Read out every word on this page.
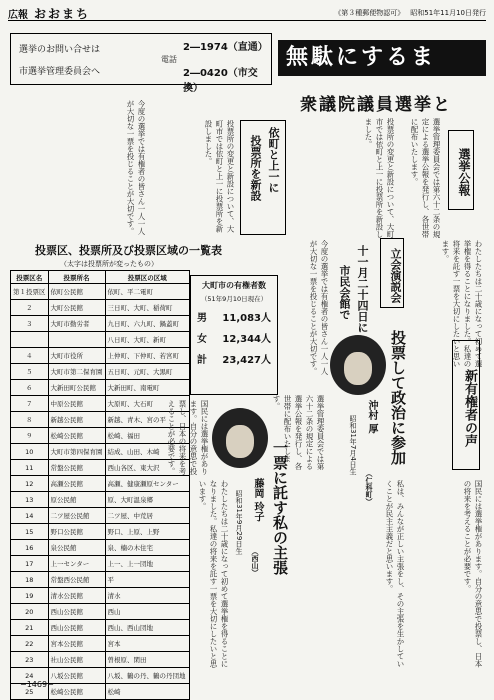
広報 おおまち	《第３種郵便物認可》 昭和51年11月10日発行
選挙のお問い合せは
市選挙管理委員会へ
電話
2―1974（直通）
2―0420（市交換）
無駄にするま
衆議院議員選挙と
選挙公報
選挙管理委員会では第六十二条の規定による選挙公報を発行し、各世帯に配布いたします。
投票所の変更と新設について、大町市では依町と上一に投票所を新設しました。
わたしたちは二十歳になって初めて選挙権を得ることになりました。私達の将来を託す一票を大切にしたいと思います。
立会演説会
十一月二十四日に
市民会館で
今度の選挙では有権者の皆さん一人一人が大切な一票を投じることが大切です。
依町と上一に
投票所を新設
投票所の変更と新設について、大町市では依町と上一に投票所を新設しました。
今度の選挙では有権者の皆さん一人一人が大切な一票を投じることが大切です。
投票区、投票所及び投票区域の一覧表
（太字は投票所が変ったもの）
投票区名	投票所名	投票区の区域
第１投票区	依町公民館	依町、平二電町
２	大町公民館	三日町、大町、稲荷町
３	大町市勤労者	九日町、六九町、鍋蓋町
		八日町、大町、新町
４	大町市役所	上仲町、下仲町、若宮町
５	大町市第二保育園	五日町、元町、大黒町
６	大新田町公民館	大新田町、南電町
７	中原公民館	大原町、大石町
８	新越公民館	新越、青木、宮の平
９	松崎公民館	松崎、福田
10	大町市第四保育園	結成、山田、木崎
11	常盤公民館	西山各区、東大沢
12	高瀬公民館	高瀬、健康瀬原センター
13	原公民館	原、大町温泉郷
14	二ツ屋公民館	二ツ屋、中荒居
15	野口公民館	野口、上原、上野
16	泉公民館	泉、楠の木住宅
17	上一センター	上一、上一団地
18	常盤西公民館	平
19	清水公民館	清水
20	西山公民館	西山
21	西山公民館	西山、西山団地
22	宮本公民館	宮本
23	社山公民館	曽根原、閑田
24	八坂公民館	八坂、鶴の丹、鶴の丹団地
25	松崎公民館	松崎
大町市の有権者数
（51年9月10日現在）
男	11,083人
女	12,344人
計	23,427人
新有権者の声
投票して政治に参加
沖村 厚
（仁科町）
昭和31年7月4日生
国民には選挙権があります。自分の意思で投票し、日本の将来を考えることが必要です。
私は、みんなが正しい主張をし、その主張を生かしていくことが民主主義だと思います。
選挙管理委員会では第六十二条の規定による選挙公報を発行し、各世帯に配布いたします。
一票に託す私の主張
藤岡 玲子
（西山）
昭和31年9月29日生
わたしたちは二十歳になって初めて選挙権を得ることになりました。私達の将来を託す一票を大切にしたいと思います。
国民には選挙権があります。自分の意思で投票し、日本の将来を考えることが必要です。
−1469−
